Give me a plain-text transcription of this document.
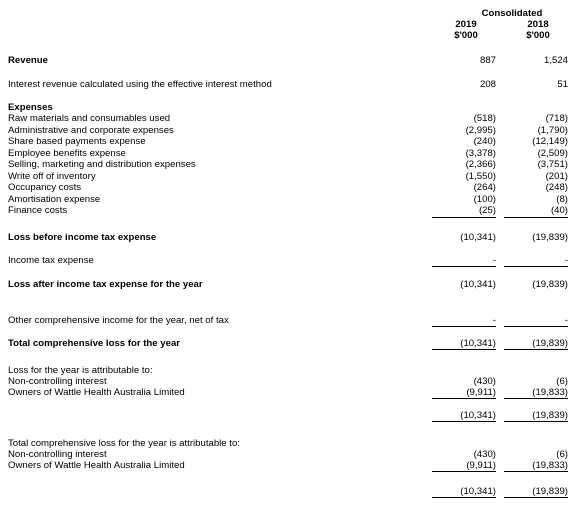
Consolidated
2019	2018
$'000	$'000
Revenue	887	1,524
Interest revenue calculated using the effective interest method	208	51
Expenses
Raw materials and consumables used	(518)	(718)
Administrative and corporate expenses	(2,995)	(1,790)
Share based payments expense	(240)	(12,149)
Employee benefits expense	(3,378)	(2,509)
Selling, marketing and distribution expenses	(2,366)	(3,751)
Write off of inventory	(1,550)	(201)
Occupancy costs	(264)	(248)
Amortisation expense	(100)	(8)
Finance costs	(25)	(40)
Loss before income tax expense	(10,341)	(19,839)
Income tax expense	-	-
Loss after income tax expense for the year	(10,341)	(19,839)
Other comprehensive income for the year, net of tax	-	-
Total comprehensive loss for the year	(10,341)	(19,839)
Loss for the year is attributable to:
Non-controlling interest	(430)	(6)
Owners of Wattle Health Australia Limited	(9,911)	(19,833)
(10,341)	(19,839)
Total comprehensive loss for the year is attributable to:
Non-controlling interest	(430)	(6)
Owners of Wattle Health Australia Limited	(9,911)	(19,833)
(10,341)	(19,839)
